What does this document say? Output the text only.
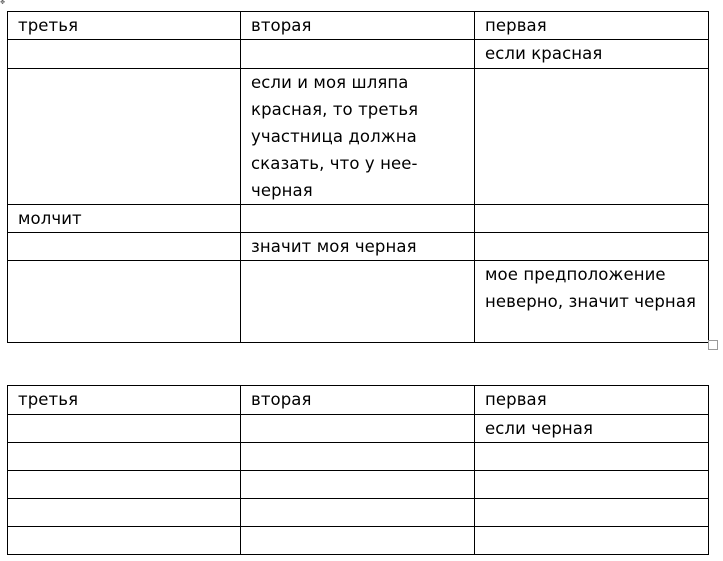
✥
третья	вторая	первая
		если красная
	если и моя шляпа красная, то третья участница должна сказать, что у нее- черная	
молчит		
	значит моя черная	
		мое предположение неверно, значит черная
третья	вторая	первая
		если черная
